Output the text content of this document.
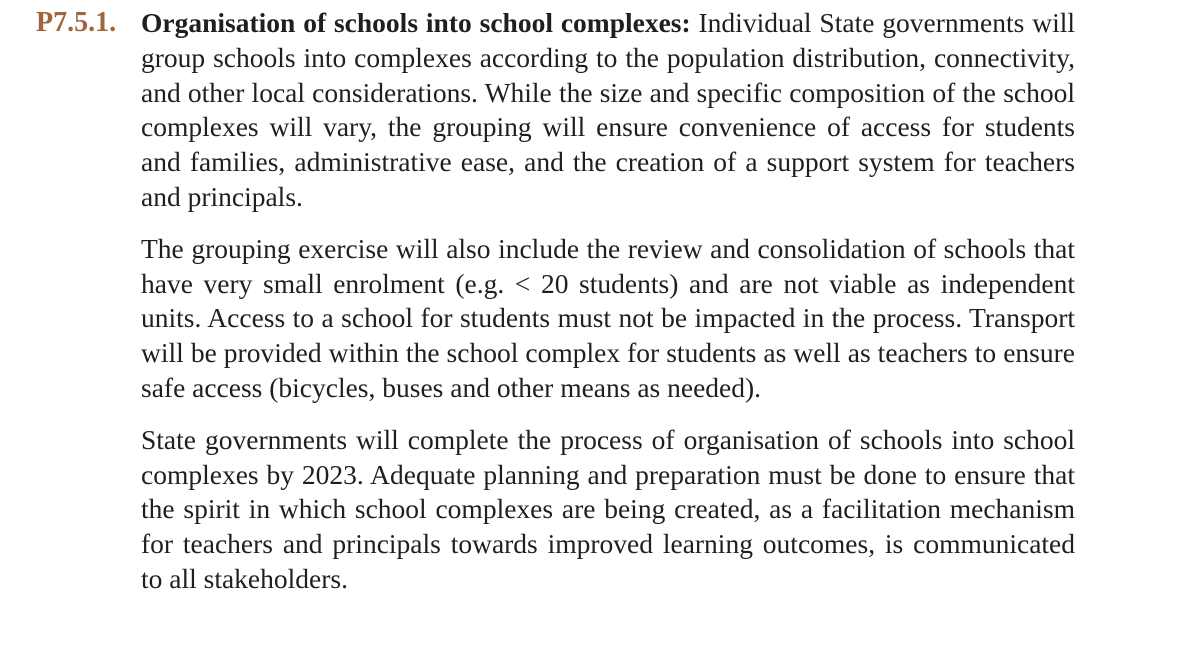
P7.5.1. Organisation of schools into school complexes: Individual State governments will group schools into complexes according to the population distribution, connectivity, and other local considerations. While the size and specific composition of the school complexes will vary, the grouping will ensure convenience of access for students and families, administrative ease, and the creation of a support system for teachers and principals.

The grouping exercise will also include the review and consolidation of schools that have very small enrolment (e.g. < 20 students) and are not viable as independent units. Access to a school for students must not be impacted in the process. Transport will be provided within the school complex for students as well as teachers to ensure safe access (bicycles, buses and other means as needed).

State governments will complete the process of organisation of schools into school complexes by 2023. Adequate planning and preparation must be done to ensure that the spirit in which school complexes are being created, as a facilitation mechanism for teachers and principals towards improved learning outcomes, is communicated to all stakeholders.
